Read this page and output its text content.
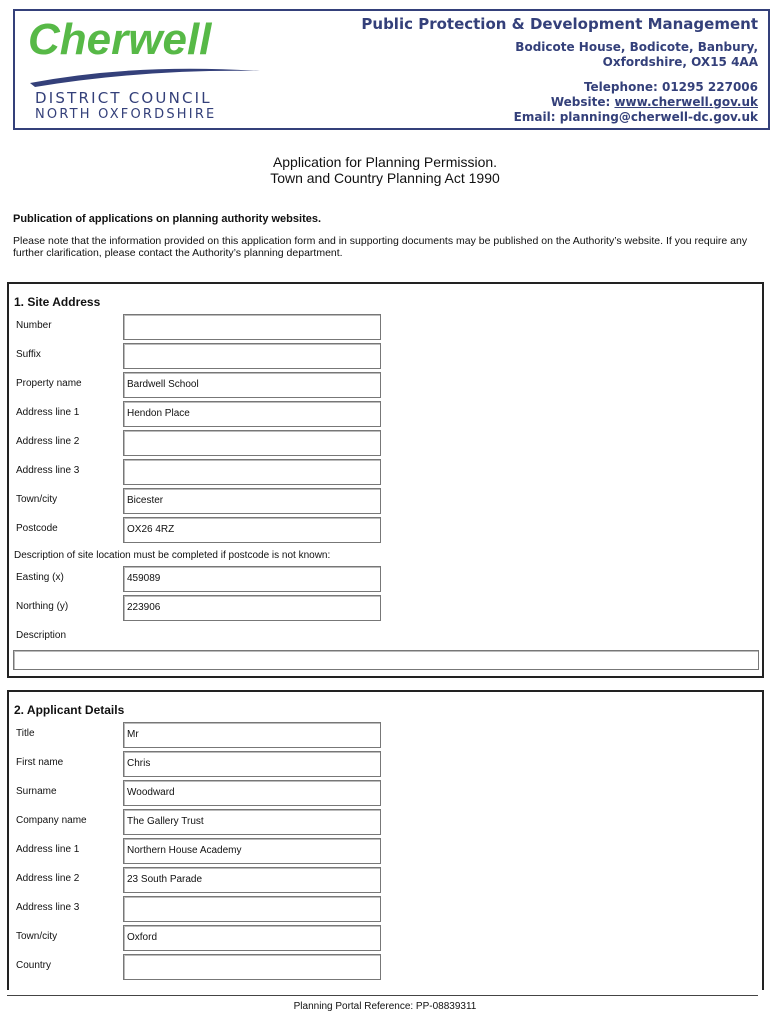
Cherwell
DISTRICT COUNCIL
NORTH OXFORDSHIRE
Public Protection & Development Management
Bodicote House, Bodicote, Banbury,
Oxfordshire, OX15 4AA
Telephone: 01295 227006
Website: www.cherwell.gov.uk
Email: planning@cherwell-dc.gov.uk
Application for Planning Permission.
Town and Country Planning Act 1990
Publication of applications on planning authority websites.
Please note that the information provided on this application form and in supporting documents may be published on the Authority’s website. If you require any further clarification, please contact the Authority’s planning department.
1. Site Address
Number
Suffix
Property name	Bardwell School
Address line 1	Hendon Place
Address line 2
Address line 3
Town/city	Bicester
Postcode	OX26 4RZ
Description of site location must be completed if postcode is not known:
Easting (x)	459089
Northing (y)	223906
Description
2. Applicant Details
Title	Mr
First name	Chris
Surname	Woodward
Company name	The Gallery Trust
Address line 1	Northern House Academy
Address line 2	23 South Parade
Address line 3
Town/city	Oxford
Country
Planning Portal Reference: PP-08839311
